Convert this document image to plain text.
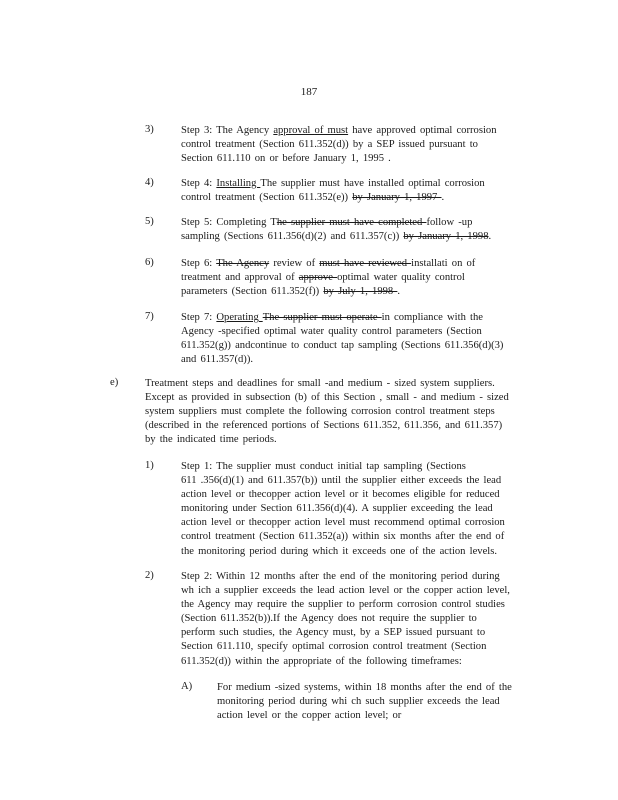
187
3)	Step 3: The Agency approval of must have approved optimal corrosion
control treatment (Section 611.352(d)) by a SEP issued pursuant to
Section 611.110 on or before January 1, 1995 .
4)	Step 4: Installing The supplier must have installed optimal corrosion
control treatment (Section 611.352(e)) by January 1, 1997 .
5)	Step 5: Completing The supplier must have completed follow -up
sampling (Sections 611.356(d)(2) and 611.357(c)) by January 1, 1998.
6)	Step 6: The Agency review of must have reviewed installati on of
treatment and approval of approve optimal water quality control
parameters (Section 611.352(f)) by July 1, 1998 .
7)	Step 7: Operating The supplier must operate in compliance with the
Agency -specified optimal water quality control parameters (Section
611.352(g)) andcontinue to conduct tap sampling (Sections 611.356(d)(3)
and 611.357(d)).
e)	Treatment steps and deadlines for small -and medium - sized system suppliers.
Except as provided in subsection (b) of this Section , small - and medium - sized
system suppliers must complete the following corrosion control treatment steps
(described in the referenced portions of Sections 611.352, 611.356, and 611.357)
by the indicated time periods.
1)	Step 1: The supplier must conduct initial tap sampling (Sections
611 .356(d)(1) and 611.357(b)) until the supplier either exceeds the lead
action level or thecopper action level or it becomes eligible for reduced
monitoring under Section 611.356(d)(4). A supplier exceeding the lead
action level or thecopper action level must recommend optimal corrosion
control treatment (Section 611.352(a)) within six months after the end of
the monitoring period during which it exceeds one of the action levels.
2)	Step 2: Within 12 months after the end of the monitoring period during
wh ich a supplier exceeds the lead action level or the copper action level,
the Agency may require the supplier to perform corrosion control studies
(Section 611.352(b)).If the Agency does not require the supplier to
perform such studies, the Agency must, by a SEP issued pursuant to
Section 611.110, specify optimal corrosion control treatment (Section
611.352(d)) within the appropriate of the following timeframes:
A) For medium -sized systems, within 18 months after the end of the
monitoring period during whi ch such supplier exceeds the lead
action level or the copper action level; or
